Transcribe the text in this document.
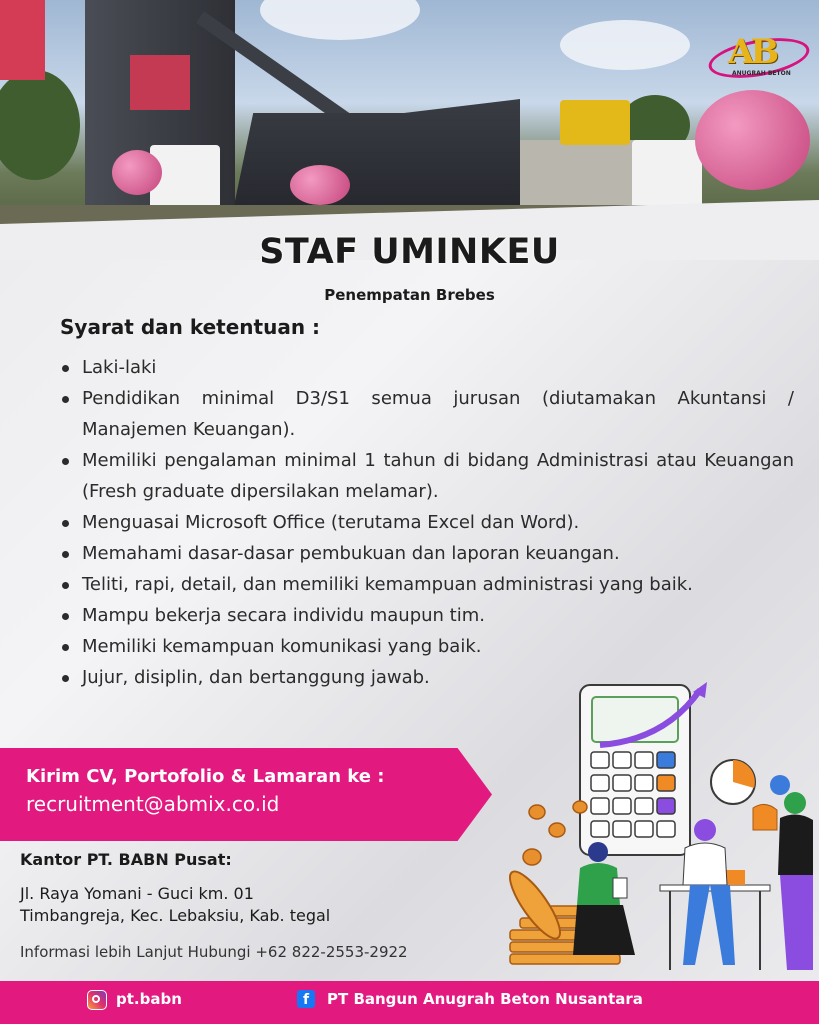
AB
ANUGRAH BETON
STAF UMINKEU
Penempatan Brebes
Syarat dan ketentuan :
Laki-laki
Pendidikan minimal D3/S1 semua jurusan (diutamakan Akuntansi / Manajemen Keuangan).
Memiliki pengalaman minimal 1 tahun di bidang Administrasi atau Keuangan (Fresh graduate dipersilakan melamar).
Menguasai Microsoft Office (terutama Excel dan Word).
Memahami dasar-dasar pembukuan dan laporan keuangan.
Teliti, rapi, detail, dan memiliki kemampuan administrasi yang baik.
Mampu bekerja secara individu maupun tim.
Memiliki kemampuan komunikasi yang baik.
Jujur, disiplin, dan bertanggung jawab.
Kirim CV, Portofolio & Lamaran ke :
recruitment@abmix.co.id
Kantor PT. BABN Pusat:
Jl. Raya Yomani - Guci km. 01
Timbangreja, Kec. Lebaksiu, Kab. tegal
Informasi lebih Lanjut Hubungi +62 822-2553-2922
pt.babn	f	PT Bangun Anugrah Beton Nusantara
